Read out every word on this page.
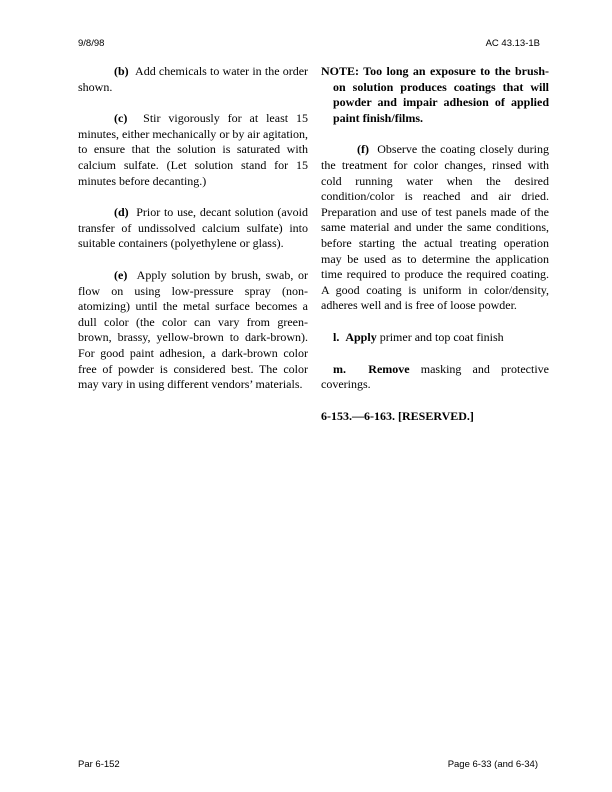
9/8/98	AC 43.13-1B

(b) Add chemicals to water in the order shown.

(c) Stir vigorously for at least 15 minutes, either mechanically or by air agitation, to ensure that the solution is saturated with calcium sulfate. (Let solution stand for 15 minutes before decanting.)

(d) Prior to use, decant solution (avoid transfer of undissolved calcium sulfate) into suitable containers (polyethylene or glass).

(e) Apply solution by brush, swab, or flow on using low-pressure spray (non-atomizing) until the metal surface becomes a dull color (the color can vary from green-brown, brassy, yellow-brown to dark-brown). For good paint adhesion, a dark-brown color free of powder is considered best. The color may vary in using different vendors’ materials.

NOTE: Too long an exposure to the brush-on solution produces coatings that will powder and impair adhesion of applied paint finish/films.

(f) Observe the coating closely during the treatment for color changes, rinsed with cold running water when the desired condition/color is reached and air dried. Preparation and use of test panels made of the same material and under the same conditions, before starting the actual treating operation may be used as to determine the application time required to produce the required coating. A good coating is uniform in color/density, adheres well and is free of loose powder.

l. Apply primer and top coat finish

m. Remove masking and protective coverings.

6-153.—6-163. [RESERVED.]

Par 6-152	Page 6-33 (and 6-34)
